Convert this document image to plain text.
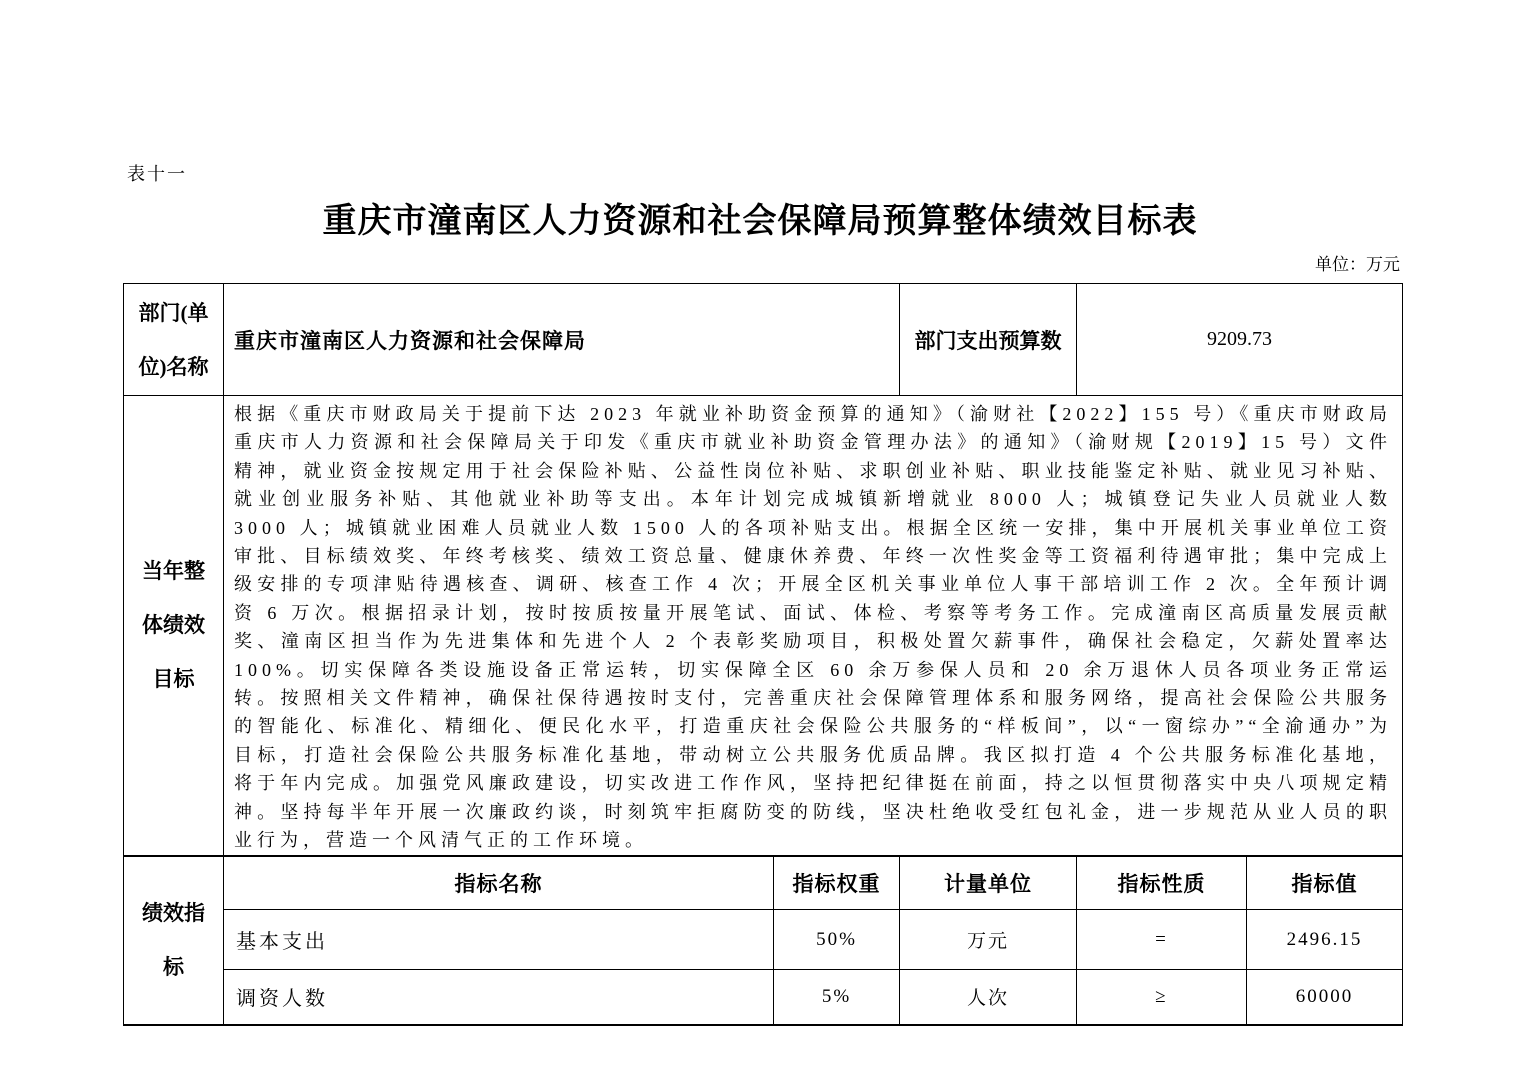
表十一
重庆市潼南区人力资源和社会保障局预算整体绩效目标表
单位：万元
部门(单
位)名称	重庆市潼南区人力资源和社会保障局		部门支出预算数	9209.73	

当年整
体绩效
目标

根据《重庆市财政局关于提前下达 2023 年就业补助资金预算的通知》（渝财社【2022】155 号）《重庆市财政局重庆市人力资源和社会保障局关于印发《重庆市就业补助资金管理办法》的通知》（渝财规【2019】15 号）文件精神，就业资金按规定用于社会保险补贴、公益性岗位补贴、求职创业补贴、职业技能鉴定补贴、就业见习补贴、就业创业服务补贴、其他就业补助等支出。本年计划完成城镇新增就业 8000 人；城镇登记失业人员就业人数 3000 人；城镇就业困难人员就业人数 1500 人的各项补贴支出。根据全区统一安排，集中开展机关事业单位工资审批、目标绩效奖、年终考核奖、绩效工资总量、健康休养费、年终一次性奖金等工资福利待遇审批；集中完成上级安排的专项津贴待遇核查、调研、核查工作 4 次；开展全区机关事业单位人事干部培训工作 2 次。全年预计调资 6 万次。根据招录计划，按时按质按量开展笔试、面试、体检、考察等考务工作。完成潼南区高质量发展贡献奖、潼南区担当作为先进集体和先进个人 2 个表彰奖励项目，积极处置欠薪事件，确保社会稳定，欠薪处置率达 100%。切实保障各类设施设备正常运转，切实保障全区 60 余万参保人员和 20 余万退休人员各项业务正常运转。按照相关文件精神，确保社保待遇按时支付，完善重庆社会保障管理体系和服务网络，提高社会保险公共服务的智能化、标准化、精细化、便民化水平，打造重庆社会保险公共服务的“样板间”，以“一窗综办”“全渝通办”为目标，打造社会保险公共服务标准化基地，带动树立公共服务优质品牌。我区拟打造 4 个公共服务标准化基地，将于年内完成。加强党风廉政建设，切实改进工作作风，坚持把纪律挺在前面，持之以恒贯彻落实中央八项规定精神。坚持每半年开展一次廉政约谈，时刻筑牢拒腐防变的防线，坚决杜绝收受红包礼金，进一步规范从业人员的职业行为，营造一个风清气正的工作环境。

绩效指
标	指标名称	指标权重	计量单位	指标性质	指标值
	基本支出	50%	万元	=	2496.15
	调资人数	5%	人次	≥	60000
